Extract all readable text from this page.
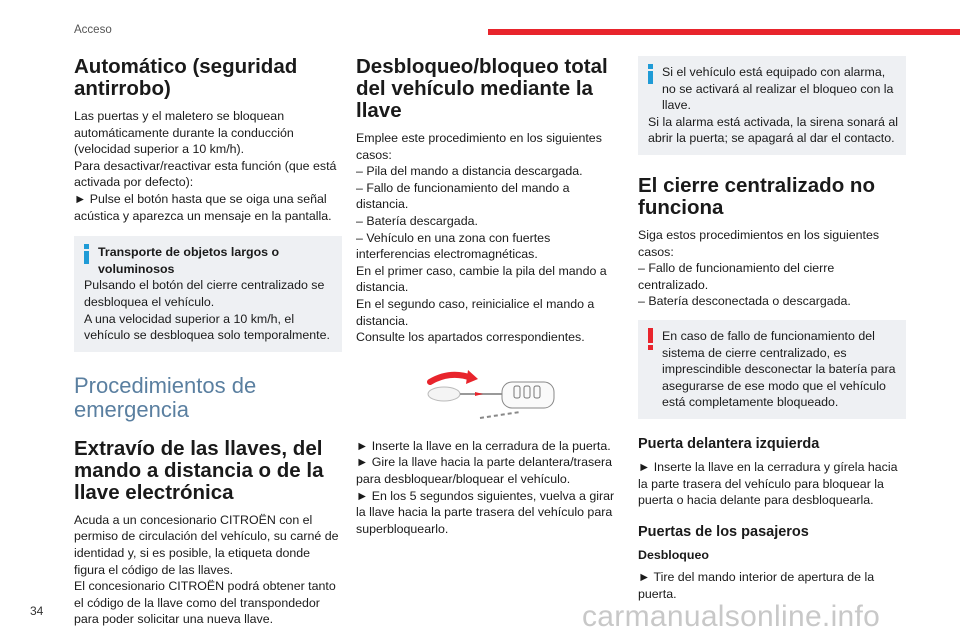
Acceso
Automático (seguridad antirrobo)

Las puertas y el maletero se bloquean automáticamente durante la conducción (velocidad superior a 10 km/h).

Para desactivar/reactivar esta función (que está activada por defecto):

► Pulse el botón hasta que se oiga una señal acústica y aparezca un mensaje en la pantalla.

Transporte de objetos largos o voluminosos

Pulsando el botón del cierre centralizado se desbloquea el vehículo.

A una velocidad superior a 10 km/h, el vehículo se desbloquea solo temporalmente.

Procedimientos de emergencia

Extravío de las llaves, del mando a distancia o de la llave electrónica

Acuda a un concesionario CITROËN con el permiso de circulación del vehículo, su carné de identidad y, si es posible, la etiqueta donde figura el código de las llaves.

El concesionario CITROËN podrá obtener tanto el código de la llave como del transpondedor para poder solicitar una nueva llave.

Desbloqueo/bloqueo total del vehículo mediante la llave

Emplee este procedimiento en los siguientes casos:

– Pila del mando a distancia descargada.

– Fallo de funcionamiento del mando a distancia.

– Batería descargada.

– Vehículo en una zona con fuertes interferencias electromagnéticas.

En el primer caso, cambie la pila del mando a distancia.

En el segundo caso, reinicialice el mando a distancia.

Consulte los apartados correspondientes.

► Inserte la llave en la cerradura de la puerta.

► Gire la llave hacia la parte delantera/trasera para desbloquear/bloquear el vehículo.

► En los 5 segundos siguientes, vuelva a girar la llave hacia la parte trasera del vehículo para superbloquearlo.

Si el vehículo está equipado con alarma, no se activará al realizar el bloqueo con la llave.

Si la alarma está activada, la sirena sonará al abrir la puerta; se apagará al dar el contacto.

El cierre centralizado no funciona

Siga estos procedimientos en los siguientes casos:

– Fallo de funcionamiento del cierre centralizado.

– Batería desconectada o descargada.

En caso de fallo de funcionamiento del sistema de cierre centralizado, es imprescindible desconectar la batería para asegurarse de ese modo que el vehículo está completamente bloqueado.

Puerta delantera izquierda

► Inserte la llave en la cerradura y gírela hacia la parte trasera del vehículo para bloquear la puerta o hacia delante para desbloquearla.

Puertas de los pasajeros

Desbloqueo

► Tire del mando interior de apertura de la puerta.

34	carmanualsonline.info
